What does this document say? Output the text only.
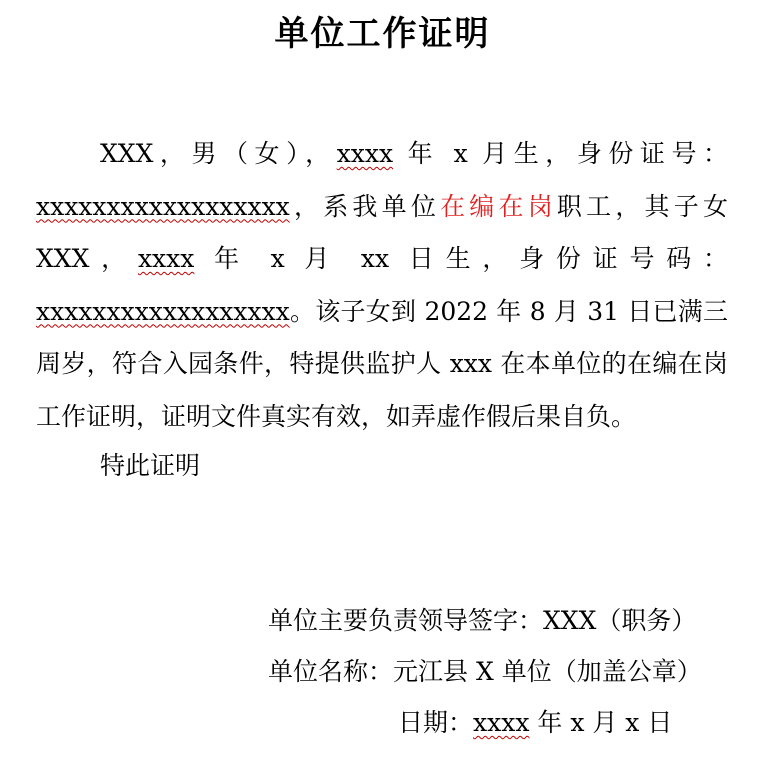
单位工作证明
XXX，男（女），xxxx 年 x 月生，身份证号：xxxxxxxxxxxxxxxxxx，系我单位在编在岗职工，其子女 XXX，xxxx 年 x 月 xx 日生，身份证号码：xxxxxxxxxxxxxxxxxx。该子女到 2022 年 8 月 31 日已满三周岁，符合入园条件，特提供监护人 xxx 在本单位的在编在岗工作证明，证明文件真实有效，如弄虚作假后果自负。
特此证明
单位主要负责领导签字：XXX（职务）
单位名称：元江县 X 单位（加盖公章）
日期：xxxx 年 x 月 x 日
